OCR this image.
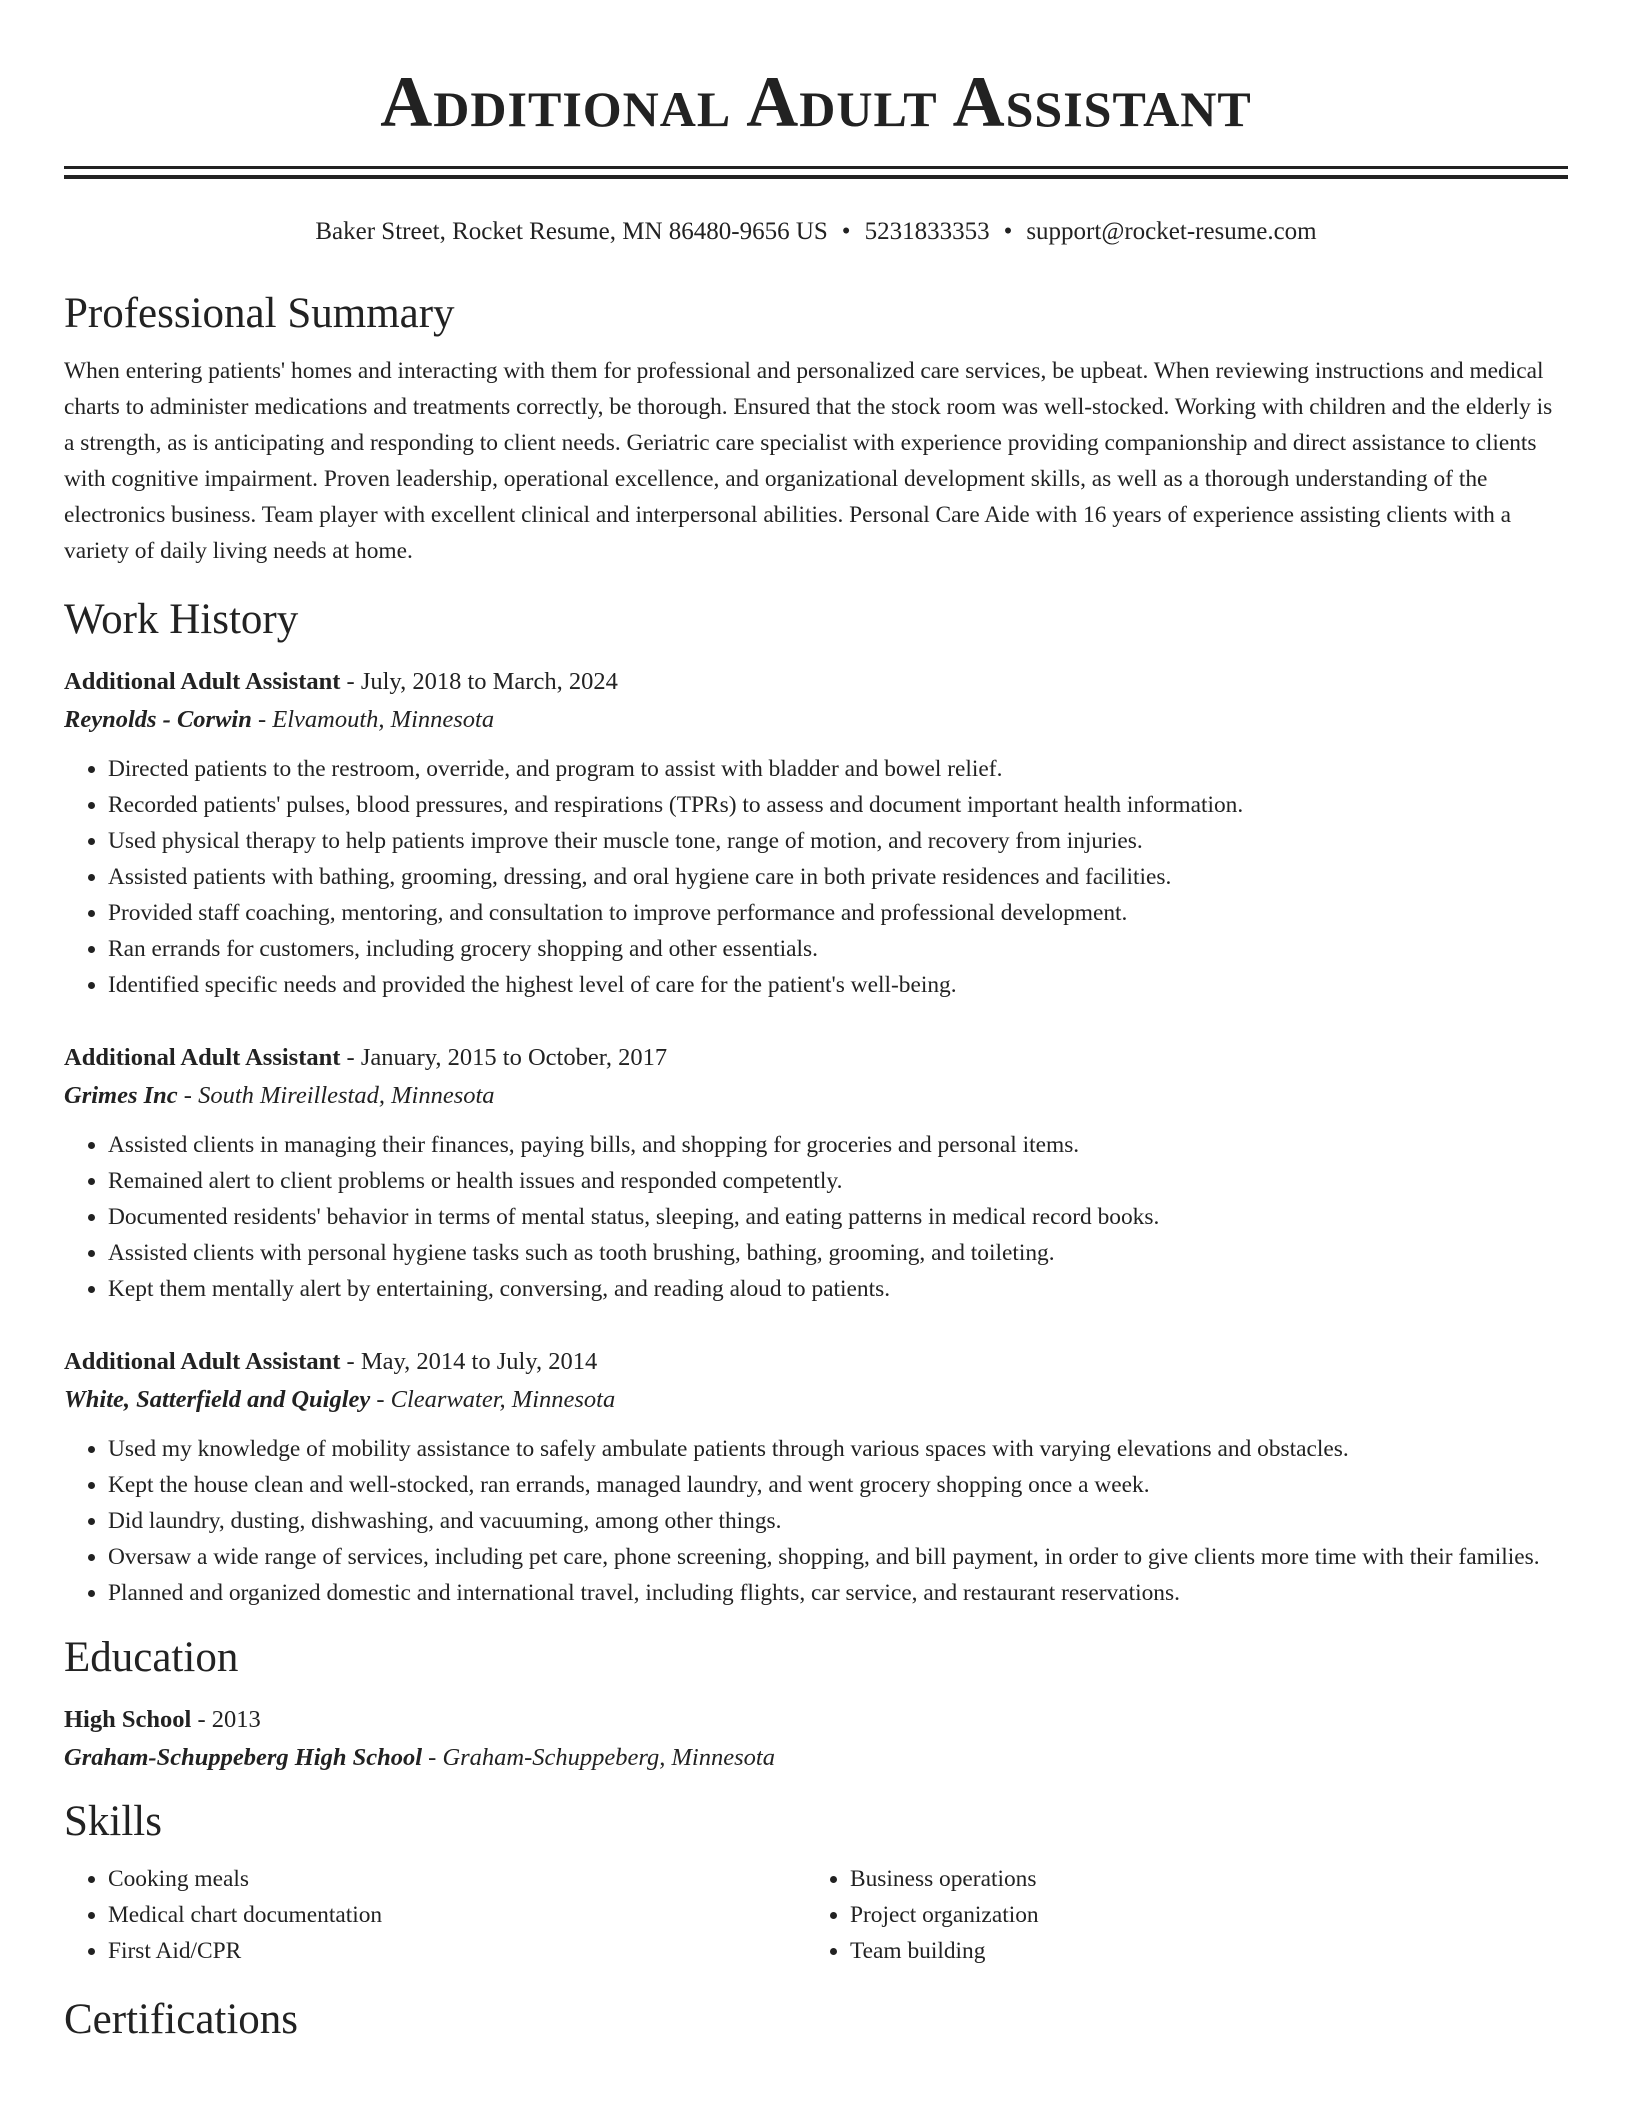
Additional Adult Assistant
Baker Street, Rocket Resume, MN 86480-9656 US • 5231833353 • support@rocket-resume.com
Professional Summary

When entering patients' homes and interacting with them for professional and personalized care services, be upbeat. When reviewing instructions and medical charts to administer medications and treatments correctly, be thorough. Ensured that the stock room was well-stocked. Working with children and the elderly is a strength, as is anticipating and responding to client needs. Geriatric care specialist with experience providing companionship and direct assistance to clients with cognitive impairment. Proven leadership, operational excellence, and organizational development skills, as well as a thorough understanding of the electronics business. Team player with excellent clinical and interpersonal abilities. Personal Care Aide with 16 years of experience assisting clients with a variety of daily living needs at home.

Work History
Additional Adult Assistant - July, 2018 to March, 2024
Reynolds - Corwin - Elvamouth, Minnesota
• Directed patients to the restroom, override, and program to assist with bladder and bowel relief.
• Recorded patients' pulses, blood pressures, and respirations (TPRs) to assess and document important health information.
• Used physical therapy to help patients improve their muscle tone, range of motion, and recovery from injuries.
• Assisted patients with bathing, grooming, dressing, and oral hygiene care in both private residences and facilities.
• Provided staff coaching, mentoring, and consultation to improve performance and professional development.
• Ran errands for customers, including grocery shopping and other essentials.
• Identified specific needs and provided the highest level of care for the patient's well-being.
Additional Adult Assistant - January, 2015 to October, 2017
Grimes Inc - South Mireillestad, Minnesota
• Assisted clients in managing their finances, paying bills, and shopping for groceries and personal items.
• Remained alert to client problems or health issues and responded competently.
• Documented residents' behavior in terms of mental status, sleeping, and eating patterns in medical record books.
• Assisted clients with personal hygiene tasks such as tooth brushing, bathing, grooming, and toileting.
• Kept them mentally alert by entertaining, conversing, and reading aloud to patients.
Additional Adult Assistant - May, 2014 to July, 2014
White, Satterfield and Quigley - Clearwater, Minnesota
• Used my knowledge of mobility assistance to safely ambulate patients through various spaces with varying elevations and obstacles.
• Kept the house clean and well-stocked, ran errands, managed laundry, and went grocery shopping once a week.
• Did laundry, dusting, dishwashing, and vacuuming, among other things.
• Oversaw a wide range of services, including pet care, phone screening, shopping, and bill payment, in order to give clients more time with their families.
• Planned and organized domestic and international travel, including flights, car service, and restaurant reservations.
Education
High School - 2013
Graham-Schuppeberg High School - Graham-Schuppeberg, Minnesota
Skills
• Cooking meals
• Medical chart documentation
• First Aid/CPR
• Business operations
• Project organization
• Team building
Certifications
